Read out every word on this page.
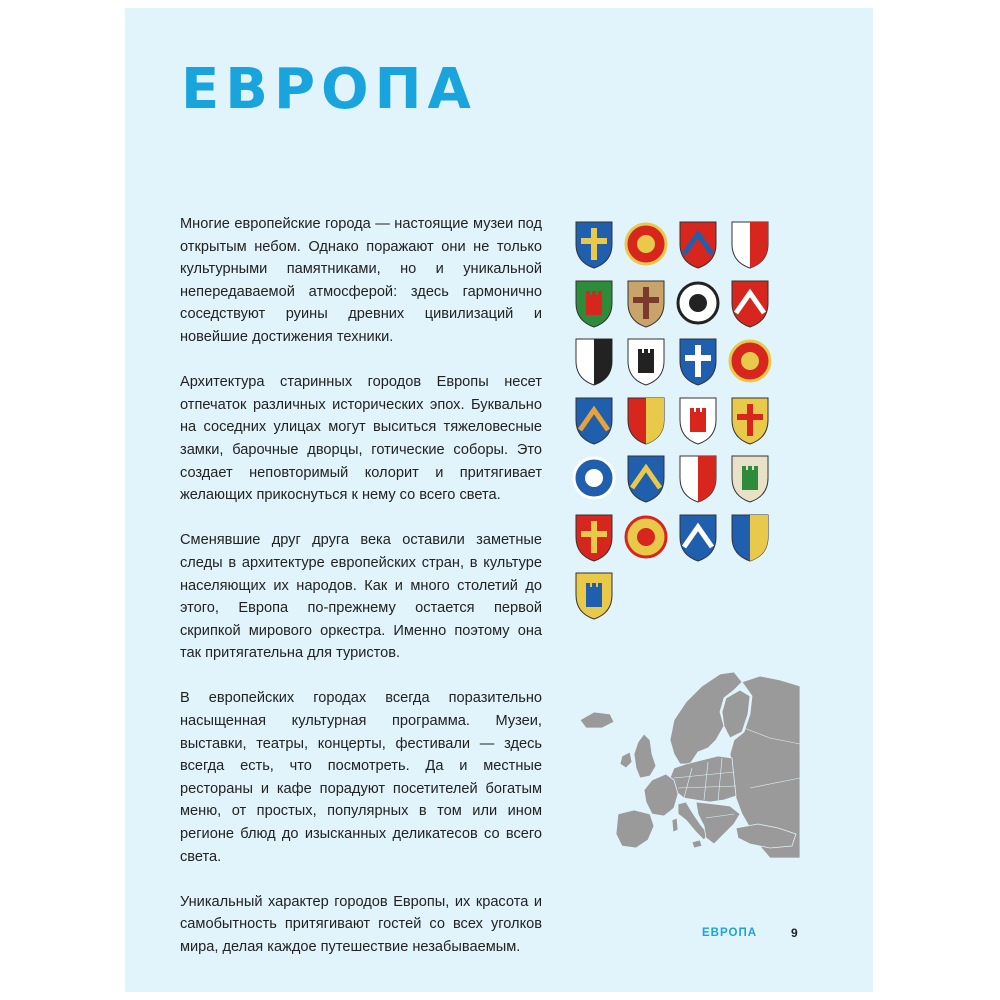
ЕВРОПА

Многие европейские города — настоящие музеи под открытым небом. Однако поражают они не только культурными памятниками, но и уникальной непередаваемой атмосферой: здесь гармонично соседствуют руины древних цивилизаций и новейшие достижения техники.

Архитектура старинных городов Европы несет отпечаток различных исторических эпох. Буквально на соседних улицах могут выситься тяжеловесные замки, барочные дворцы, готические соборы. Это создает неповторимый колорит и притягивает желающих прикоснуться к нему со всего света.

Сменявшие друг друга века оставили заметные следы в архитектуре европейских стран, в культуре населяющих их народов. Как и много столетий до этого, Европа по-прежнему остается первой скрипкой мирового оркестра. Именно поэтому она так притягательна для туристов.

В европейских городах всегда поразительно насыщенная культурная программа. Музеи, выставки, театры, концерты, фестивали — здесь всегда есть, что посмотреть. Да и местные рестораны и кафе порадуют посетителей богатым меню, от простых, популярных в том или ином регионе блюд до изысканных деликатесов со всего света.

Уникальный характер городов Европы, их красота и самобытность притягивают гостей со всех уголков мира, делая каждое путешествие незабываемым.

ЕВРОПА	9
